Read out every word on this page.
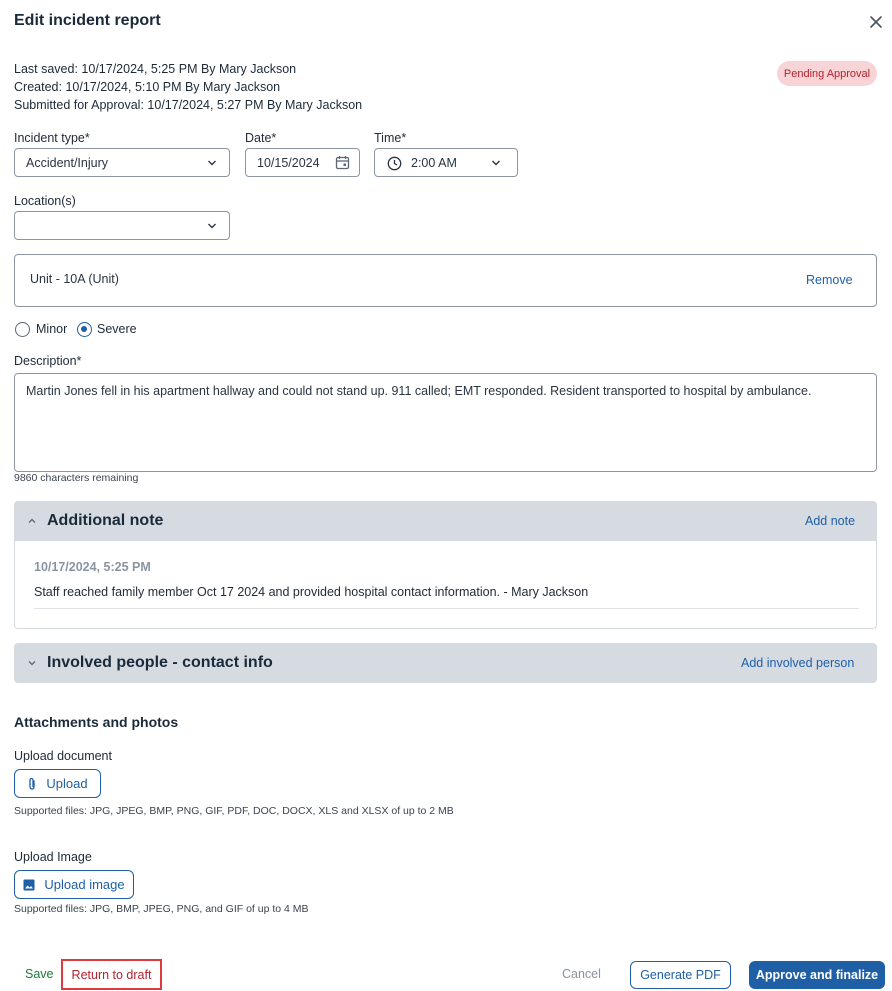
Edit incident report
Last saved: 10/17/2024, 5:25 PM By Mary Jackson
Created: 10/17/2024, 5:10 PM By Mary Jackson
Submitted for Approval: 10/17/2024, 5:27 PM By Mary Jackson
Pending Approval
Incident type*
Accident/Injury
Date*
10/15/2024
Time*
2:00 AM
Location(s)
Unit - 10A (Unit)	Remove
Minor Severe
Description*
Martin Jones fell in his apartment hallway and could not stand up. 911 called; EMT responded. Resident transported to hospital by ambulance.
9860 characters remaining
Additional note	Add note
10/17/2024, 5:25 PM
Staff reached family member Oct 17 2024 and provided hospital contact information. - Mary Jackson
Involved people - contact info	Add involved person
Attachments and photos
Upload document
Upload
Supported files: JPG, JPEG, BMP, PNG, GIF, PDF, DOC, DOCX, XLS and XLSX of up to 2 MB
Upload Image
Upload image
Supported files: JPG, BMP, JPEG, PNG, and GIF of up to 4 MB
Save	Return to draft	Cancel	Generate PDF	Approve and finalize
